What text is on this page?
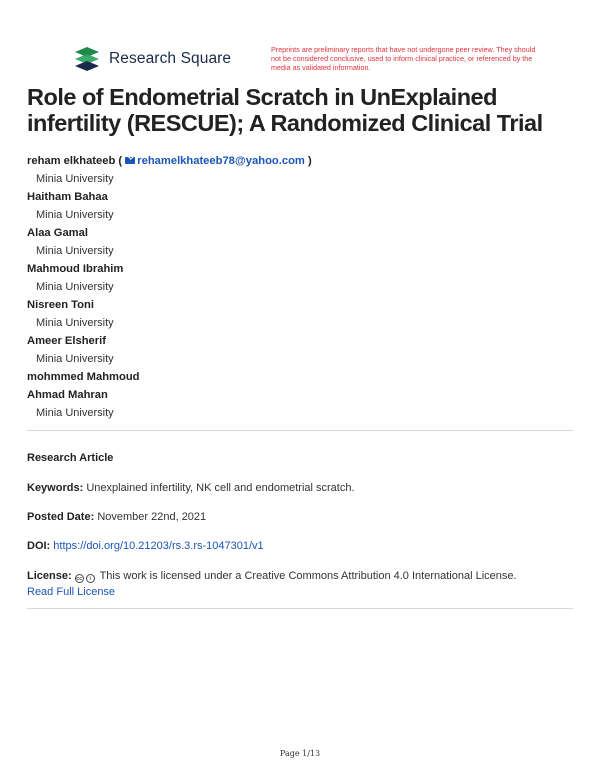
Research Square
Preprints are preliminary reports that have not undergone peer review. They should not be considered conclusive, used to inform clinical practice, or referenced by the media as validated information.
Role of Endometrial Scratch in UnExplained infertility (RESCUE); A Randomized Clinical Trial
reham elkhateeb ( rehamelkhateeb78@yahoo.com )
Minia University
Haitham Bahaa
Minia University
Alaa Gamal
Minia University
Mahmoud Ibrahim
Minia University
Nisreen Toni
Minia University
Ameer Elsherif
Minia University
mohmmed Mahmoud
Ahmad Mahran
Minia University
Research Article
Keywords: Unexplained infertility, NK cell and endometrial scratch.
Posted Date: November 22nd, 2021
DOI: https://doi.org/10.21203/rs.3.rs-1047301/v1
License: cc i This work is licensed under a Creative Commons Attribution 4.0 International License.
Read Full License
Page 1/13
